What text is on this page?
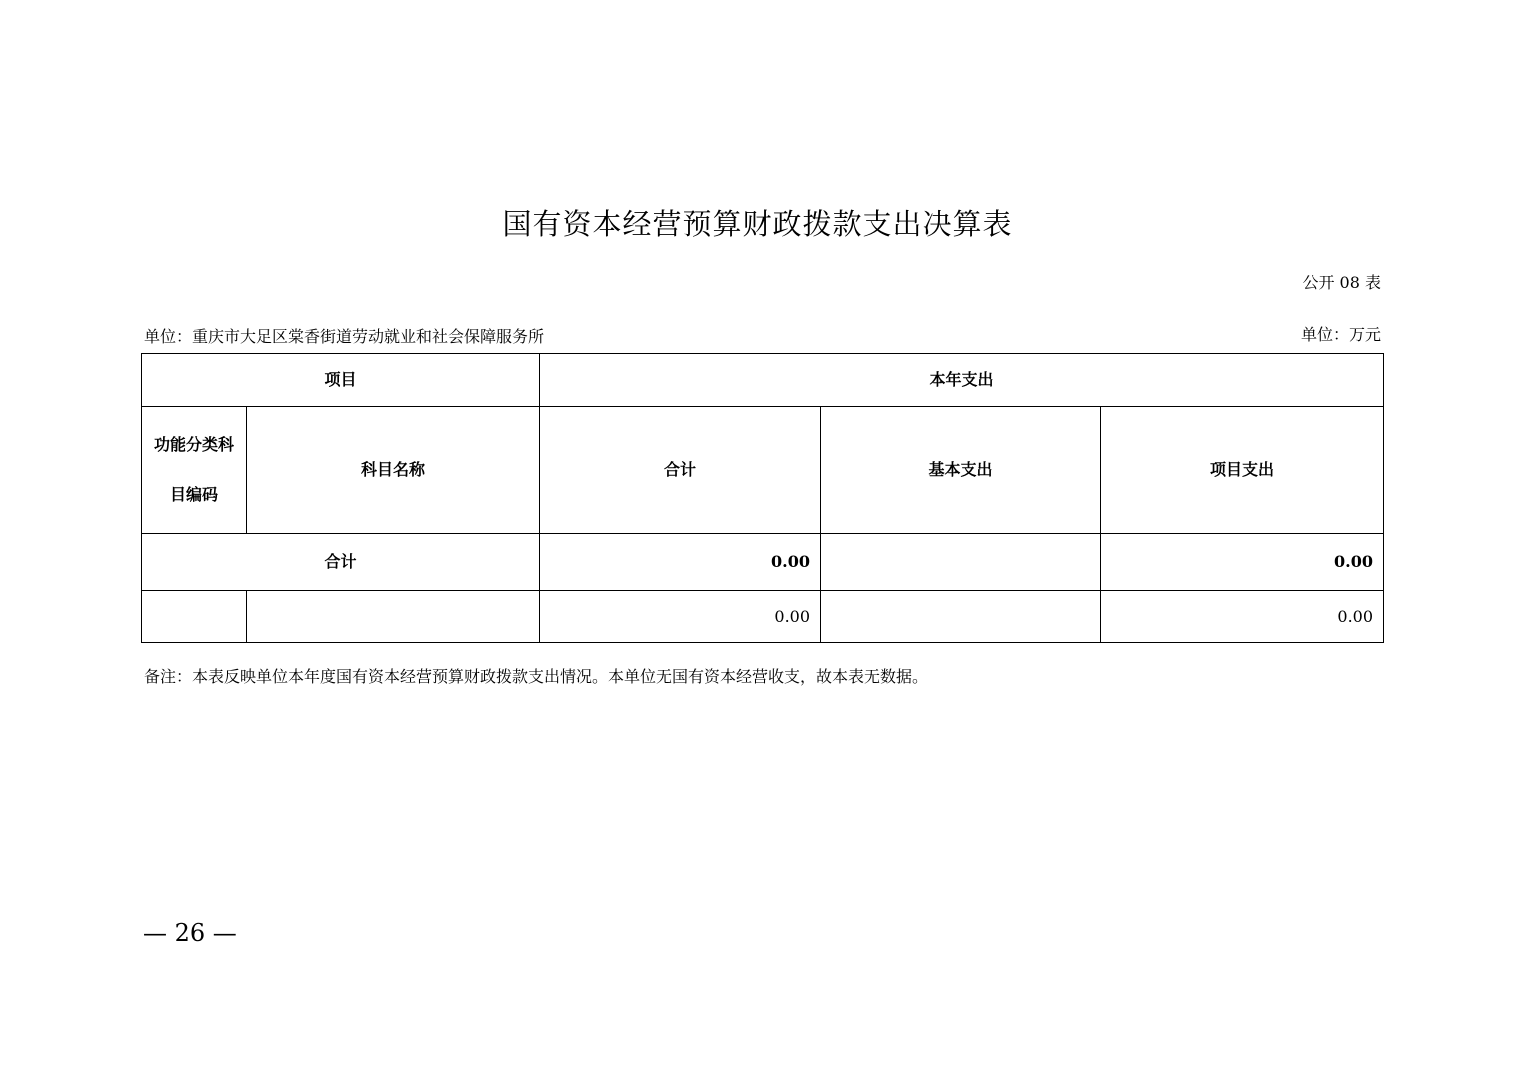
国有资本经营预算财政拨款支出决算表
公开 08 表
单位：重庆市大足区棠香街道劳动就业和社会保障服务所	单位：万元
项目		本年支出		

功能分类科
目编码	科目名称	合计	基本支出	项目支出
合计		0.00		0.00
		0.00		0.00
备注：本表反映单位本年度国有资本经营预算财政拨款支出情况。本单位无国有资本经营收支，故本表无数据。
— 26 —
